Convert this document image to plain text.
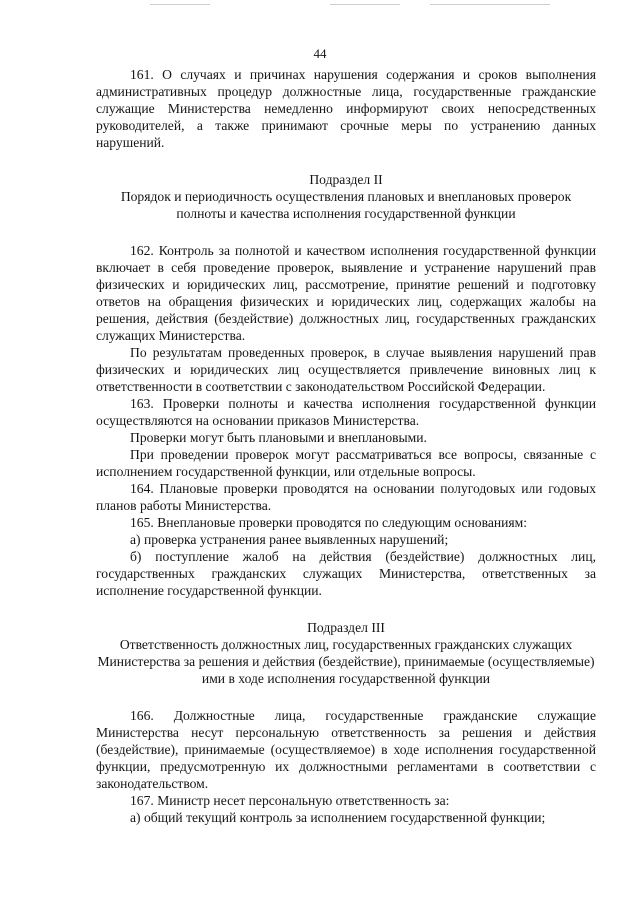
44

161. О случаях и причинах нарушения содержания и сроков выполнения административных процедур должностные лица, государственные гражданские служащие Министерства немедленно информируют своих непосредственных руководителей, а также принимают срочные меры по устранению данных нарушений.

Подраздел II

Порядок и периодичность осуществления плановых и внеплановых проверок полноты и качества исполнения государственной функции

162. Контроль за полнотой и качеством исполнения государственной функции включает в себя проведение проверок, выявление и устранение нарушений прав физических и юридических лиц, рассмотрение, принятие решений и подготовку ответов на обращения физических и юридических лиц, содержащих жалобы на решения, действия (бездействие) должностных лиц, государственных гражданских служащих Министерства.

По результатам проведенных проверок, в случае выявления нарушений прав физических и юридических лиц осуществляется привлечение виновных лиц к ответственности в соответствии с законодательством Российской Федерации.

163. Проверки полноты и качества исполнения государственной функции осуществляются на основании приказов Министерства.

Проверки могут быть плановыми и внеплановыми.

При проведении проверок могут рассматриваться все вопросы, связанные с исполнением государственной функции, или отдельные вопросы.

164. Плановые проверки проводятся на основании полугодовых или годовых планов работы Министерства.

165. Внеплановые проверки проводятся по следующим основаниям:

а) проверка устранения ранее выявленных нарушений;

б) поступление жалоб на действия (бездействие) должностных лиц, государственных гражданских служащих Министерства, ответственных за исполнение государственной функции.

Подраздел III

Ответственность должностных лиц, государственных гражданских служащих Министерства за решения и действия (бездействие), принимаемые (осуществляемые) ими в ходе исполнения государственной функции

166. Должностные лица, государственные гражданские служащие Министерства несут персональную ответственность за решения и действия (бездействие), принимаемые (осуществляемое) в ходе исполнения государственной функции, предусмотренную их должностными регламентами в соответствии с законодательством.

167. Министр несет персональную ответственность за:

а) общий текущий контроль за исполнением государственной функции;
